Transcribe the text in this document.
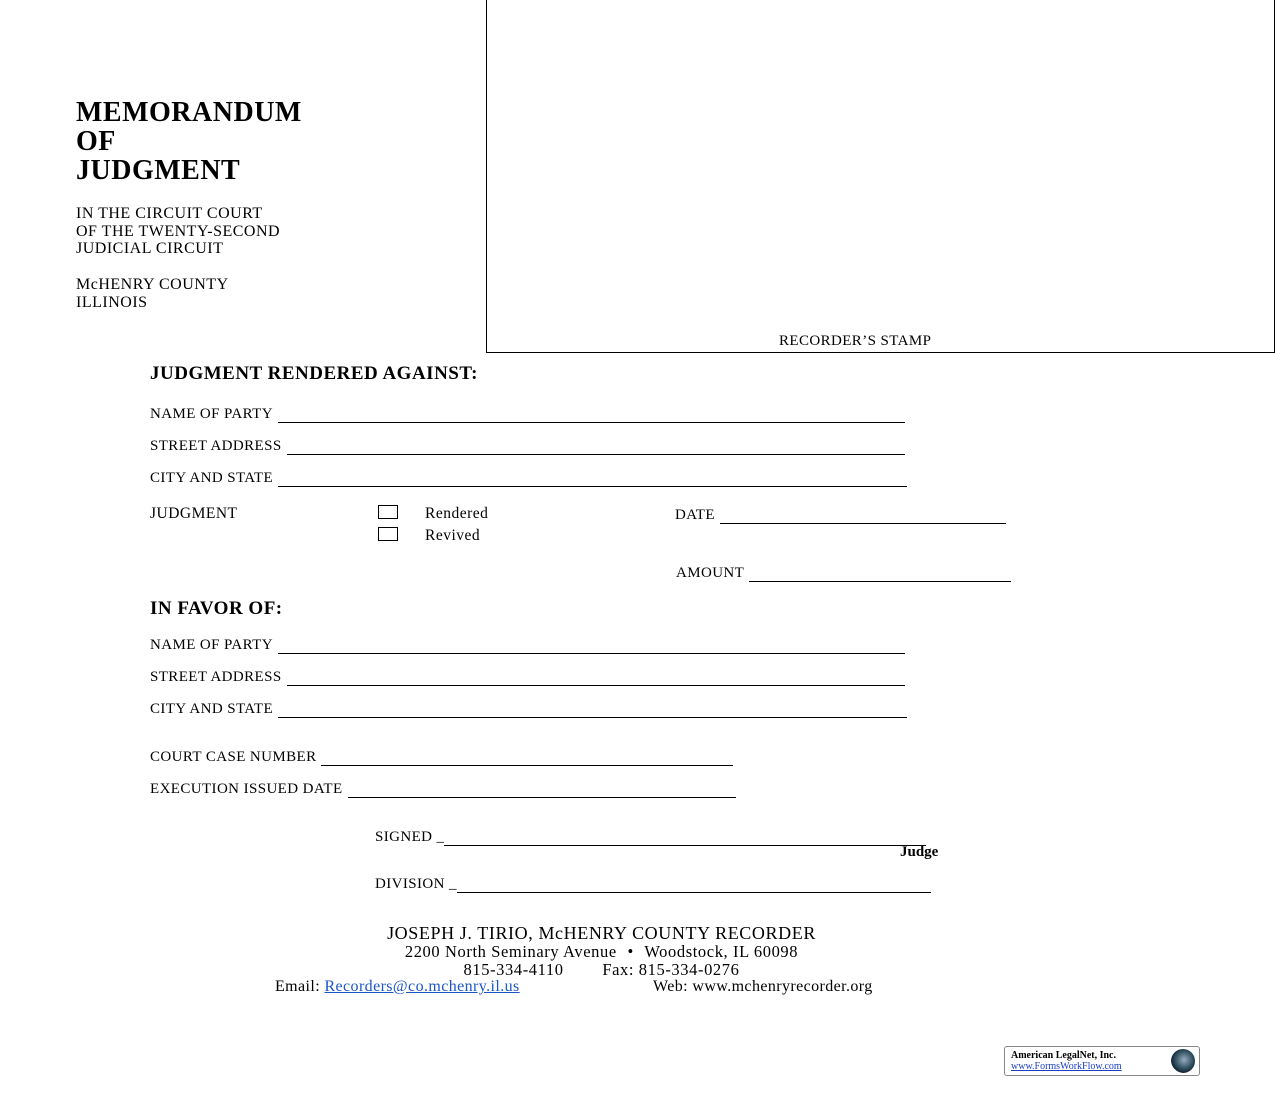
MEMORANDUM
OF
JUDGMENT
IN THE CIRCUIT COURT
OF THE TWENTY-SECOND
JUDICIAL CIRCUIT
McHENRY COUNTY
ILLINOIS
RECORDER’S STAMP
JUDGMENT RENDERED AGAINST:
NAME OF PARTY
STREET ADDRESS
CITY AND STATE
JUDGMENT	Rendered
Revived
DATE
AMOUNT
IN FAVOR OF:
NAME OF PARTY
STREET ADDRESS
CITY AND STATE
COURT CASE NUMBER
EXECUTION ISSUED DATE
SIGNED _
Judge
DIVISION _
JOSEPH J. TIRIO, McHENRY COUNTY RECORDER
2200 North Seminary Avenue • Woodstock, IL 60098
815-334-4110 Fax: 815-334-0276
Email: Recorders@co.mchenry.il.us	Web: www.mchenryrecorder.org
American LegalNet, Inc.
www.FormsWorkFlow.com
